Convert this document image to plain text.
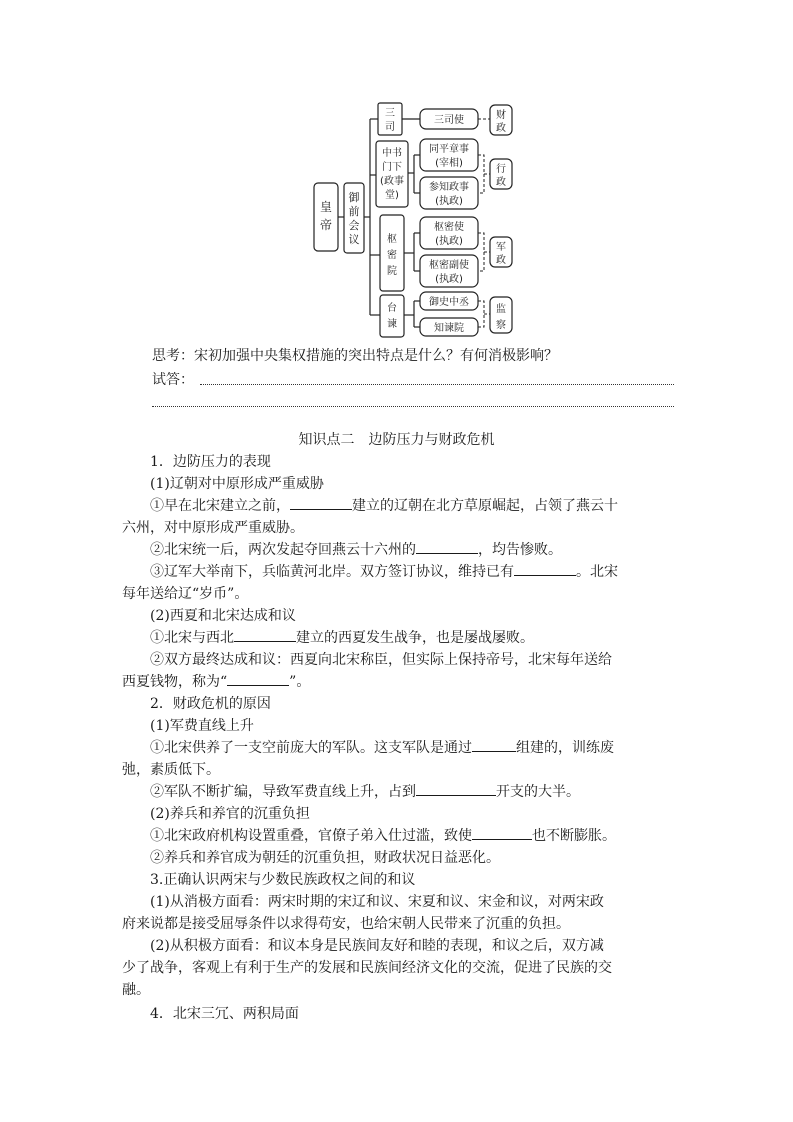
皇
帝
御
前
会
议
三
司
中书
门下
(政事
堂)
枢
密
院
台
谏
三司使
同平章事
(宰相)
参知政事
(执政)
枢密使
(执政)
枢密副使
(执政)
御史中丞
知谏院
财
政
行
政
军
政
监
察
思考：宋初加强中央集权措施的突出特点是什么？有何消极影响？
试答：
知识点二　边防压力与财政危机
1．边防压力的表现
(1)辽朝对中原形成严重威胁
①早在北宋建立之前，	建立的辽朝在北方草原崛起，占领了燕云十
六州，对中原形成严重威胁。
②北宋统一后，两次发起夺回燕云十六州的	，均告惨败。
③辽军大举南下，兵临黄河北岸。双方签订协议，维持已有	。北宋
每年送给辽“岁币”。
(2)西夏和北宋达成和议
①北宋与西北	建立的西夏发生战争，也是屡战屡败。
②双方最终达成和议：西夏向北宋称臣，但实际上保持帝号，北宋每年送给
西夏钱物，称为“	”。
2．财政危机的原因
(1)军费直线上升
①北宋供养了一支空前庞大的军队。这支军队是通过	组建的，训练废
弛，素质低下。
②军队不断扩编，导致军费直线上升，占到	开支的大半。
(2)养兵和养官的沉重负担
①北宋政府机构设置重叠，官僚子弟入仕过滥，致使	也不断膨胀。
②养兵和养官成为朝廷的沉重负担，财政状况日益恶化。
3.正确认识两宋与少数民族政权之间的和议
(1)从消极方面看：两宋时期的宋辽和议、宋夏和议、宋金和议，对两宋政
府来说都是接受屈辱条件以求得苟安，也给宋朝人民带来了沉重的负担。
(2)从积极方面看：和议本身是民族间友好和睦的表现，和议之后，双方减
少了战争，客观上有利于生产的发展和民族间经济文化的交流，促进了民族的交
融。
4．北宋三冗、两积局面
